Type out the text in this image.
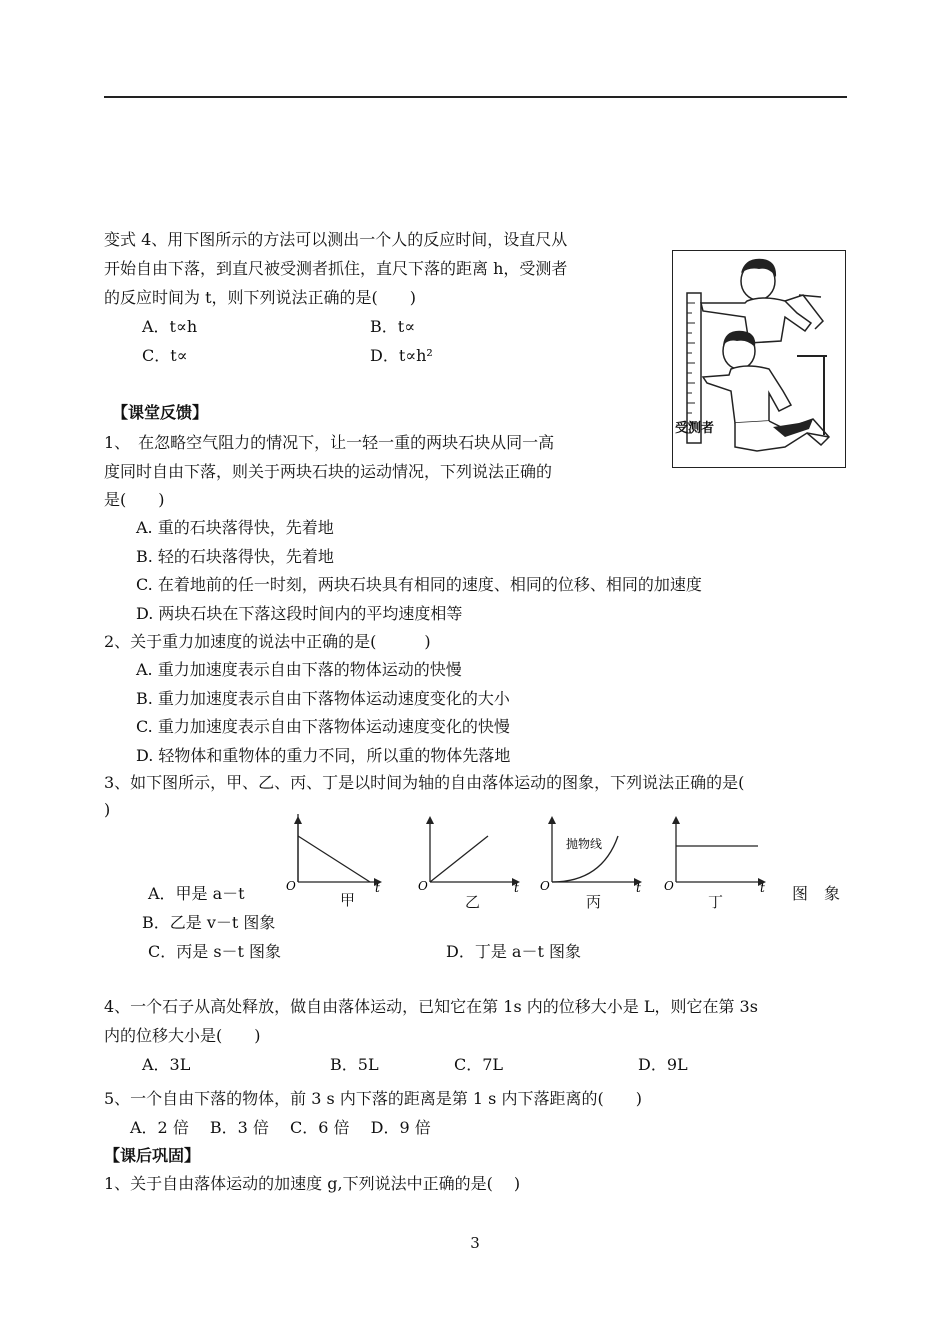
变式 4、用下图所示的方法可以测出一个人的反应时间，设直尺从
开始自由下落，到直尺被受测者抓住，直尺下落的距离 h，受测者
的反应时间为 t，则下列说法正确的是(　　)
A．t∝h	B．t∝
C．t∝	D．t∝h²
受测者
【课堂反馈】
1、　在忽略空气阻力的情况下，让一轻一重的两块石块从同一高
度同时自由下落，则关于两块石块的运动情况，下列说法正确的
是(　　)
A. 重的石块落得快，先着地
B. 轻的石块落得快，先着地
C. 在着地前的任一时刻，两块石块具有相同的速度、相同的位移、相同的加速度
D. 两块石块在下落这段时间内的平均速度相等
2、关于重力加速度的说法中正确的是(　　　)
A. 重力加速度表示自由下落的物体运动的快慢
B. 重力加速度表示自由下落物体运动速度变化的大小
C. 重力加速度表示自由下落物体运动速度变化的快慢
D. 轻物体和重物体的重力不同，所以重的物体先落地
3、如下图所示，甲、乙、丙、丁是以时间为轴的自由落体运动的图象，下列说法正确的是(
)
O	t
甲
O	t
乙
O	t
抛物线
丙
O	t
丁
A．甲是 a－t	图　象
B．乙是 v－t 图象
C．丙是 s－t 图象	D．丁是 a－t 图象
4、一个石子从高处释放，做自由落体运动，已知它在第 1s 内的位移大小是 L，则它在第 3s
内的位移大小是(　　)
A．3L	B．5L	C．7L	D．9L
5、一个自由下落的物体，前 3 s 内下落的距离是第 1 s 内下落距离的(　　)
A．2 倍　 B．3 倍　 C．6 倍　 D．9 倍
【课后巩固】
1、关于自由落体运动的加速度 g,下列说法中正确的是(　 )
3
